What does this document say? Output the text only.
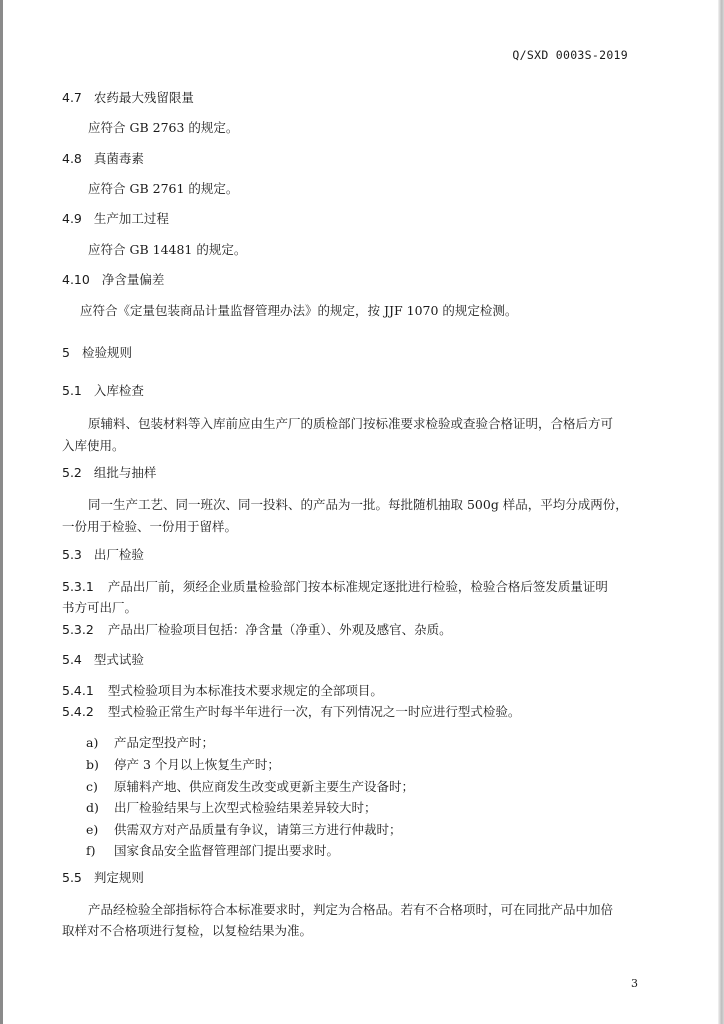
Q/SXD 0003S-2019
4.7 农药最大残留限量
应符合 GB 2763 的规定。
4.8 真菌毒素
应符合 GB 2761 的规定。
4.9 生产加工过程
应符合 GB 14481 的规定。
4.10 净含量偏差
应符合《定量包装商品计量监督管理办法》的规定，按 JJF 1070 的规定检测。
5 检验规则
5.1 入库检查
原辅料、包装材料等入库前应由生产厂的质检部门按标准要求检验或查验合格证明，合格后方可
入库使用。
5.2 组批与抽样
同一生产工艺、同一班次、同一投料、的产品为一批。每批随机抽取 500g 样品，平均分成两份，
一份用于检验、一份用于留样。
5.3 出厂检验
5.3.1 产品出厂前，须经企业质量检验部门按本标准规定逐批进行检验，检验合格后签发质量证明
书方可出厂。
5.3.2 产品出厂检验项目包括：净含量（净重）、外观及感官、杂质。
5.4 型式试验
5.4.1 型式检验项目为本标准技术要求规定的全部项目。
5.4.2 型式检验正常生产时每半年进行一次，有下列情况之一时应进行型式检验。
a) 产品定型投产时；
b) 停产 3 个月以上恢复生产时；
c) 原辅料产地、供应商发生改变或更新主要生产设备时；
d) 出厂检验结果与上次型式检验结果差异较大时；
e) 供需双方对产品质量有争议，请第三方进行仲裁时；
f) 国家食品安全监督管理部门提出要求时。
5.5 判定规则
产品经检验全部指标符合本标准要求时，判定为合格品。若有不合格项时，可在同批产品中加倍
取样对不合格项进行复检，以复检结果为准。
3
